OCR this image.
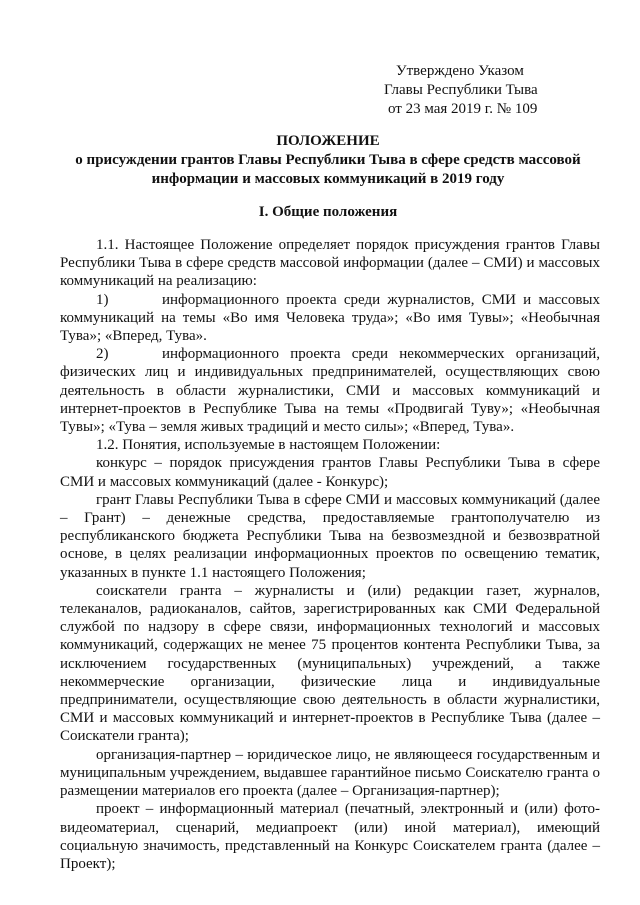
Утверждено Указом
Главы Республики Тыва
от 23 мая 2019 г. № 109
ПОЛОЖЕНИЕ
о присуждении грантов Главы Республики Тыва в сфере средств массовой информации и массовых коммуникаций в 2019 году
I. Общие положения

1.1. Настоящее Положение определяет порядок присуждения грантов Главы Республики Тыва в сфере средств массовой информации (далее – СМИ) и массовых коммуникаций на реализацию:

1)	информационного проекта среди журналистов, СМИ и массовых коммуникаций на темы «Во имя Человека труда»; «Во имя Тувы»; «Необычная Тува»; «Вперед, Тува».

2)	информационного проекта среди некоммерческих организаций, физических лиц и индивидуальных предпринимателей, осуществляющих свою деятельность в области журналистики, СМИ и массовых коммуникаций и интернет-проектов в Республике Тыва на темы «Продвигай Туву»; «Необычная Тувы»; «Тува – земля живых традиций и место силы»; «Вперед, Тува».

1.2. Понятия, используемые в настоящем Положении:

конкурс – порядок присуждения грантов Главы Республики Тыва в сфере СМИ и массовых коммуникаций (далее - Конкурс);

грант Главы Республики Тыва в сфере СМИ и массовых коммуникаций (далее – Грант) – денежные средства, предоставляемые грантополучателю из республиканского бюджета Республики Тыва на безвозмездной и безвозвратной основе, в целях реализации информационных проектов по освещению тематик, указанных в пункте 1.1 настоящего Положения;

соискатели гранта – журналисты и (или) редакции газет, журналов, телеканалов, радиоканалов, сайтов, зарегистрированных как СМИ Федеральной службой по надзору в сфере связи, информационных технологий и массовых коммуникаций, содержащих не менее 75 процентов контента Республики Тыва, за исключением государственных (муниципальных) учреждений, а также некоммерческие организации, физические лица и индивидуальные предприниматели, осуществляющие свою деятельность в области журналистики, СМИ и массовых коммуникаций и интернет-проектов в Республике Тыва (далее – Соискатели гранта);

организация-партнер – юридическое лицо, не являющееся государственным и муниципальным учреждением, выдавшее гарантийное письмо Соискателю гранта о размещении материалов его проекта (далее – Организация-партнер);

проект – информационный материал (печатный, электронный и (или) фото-видеоматериал, сценарий, медиапроект (или) иной материал), имеющий социальную значимость, представленный на Конкурс Соискателем гранта (далее – Проект);
